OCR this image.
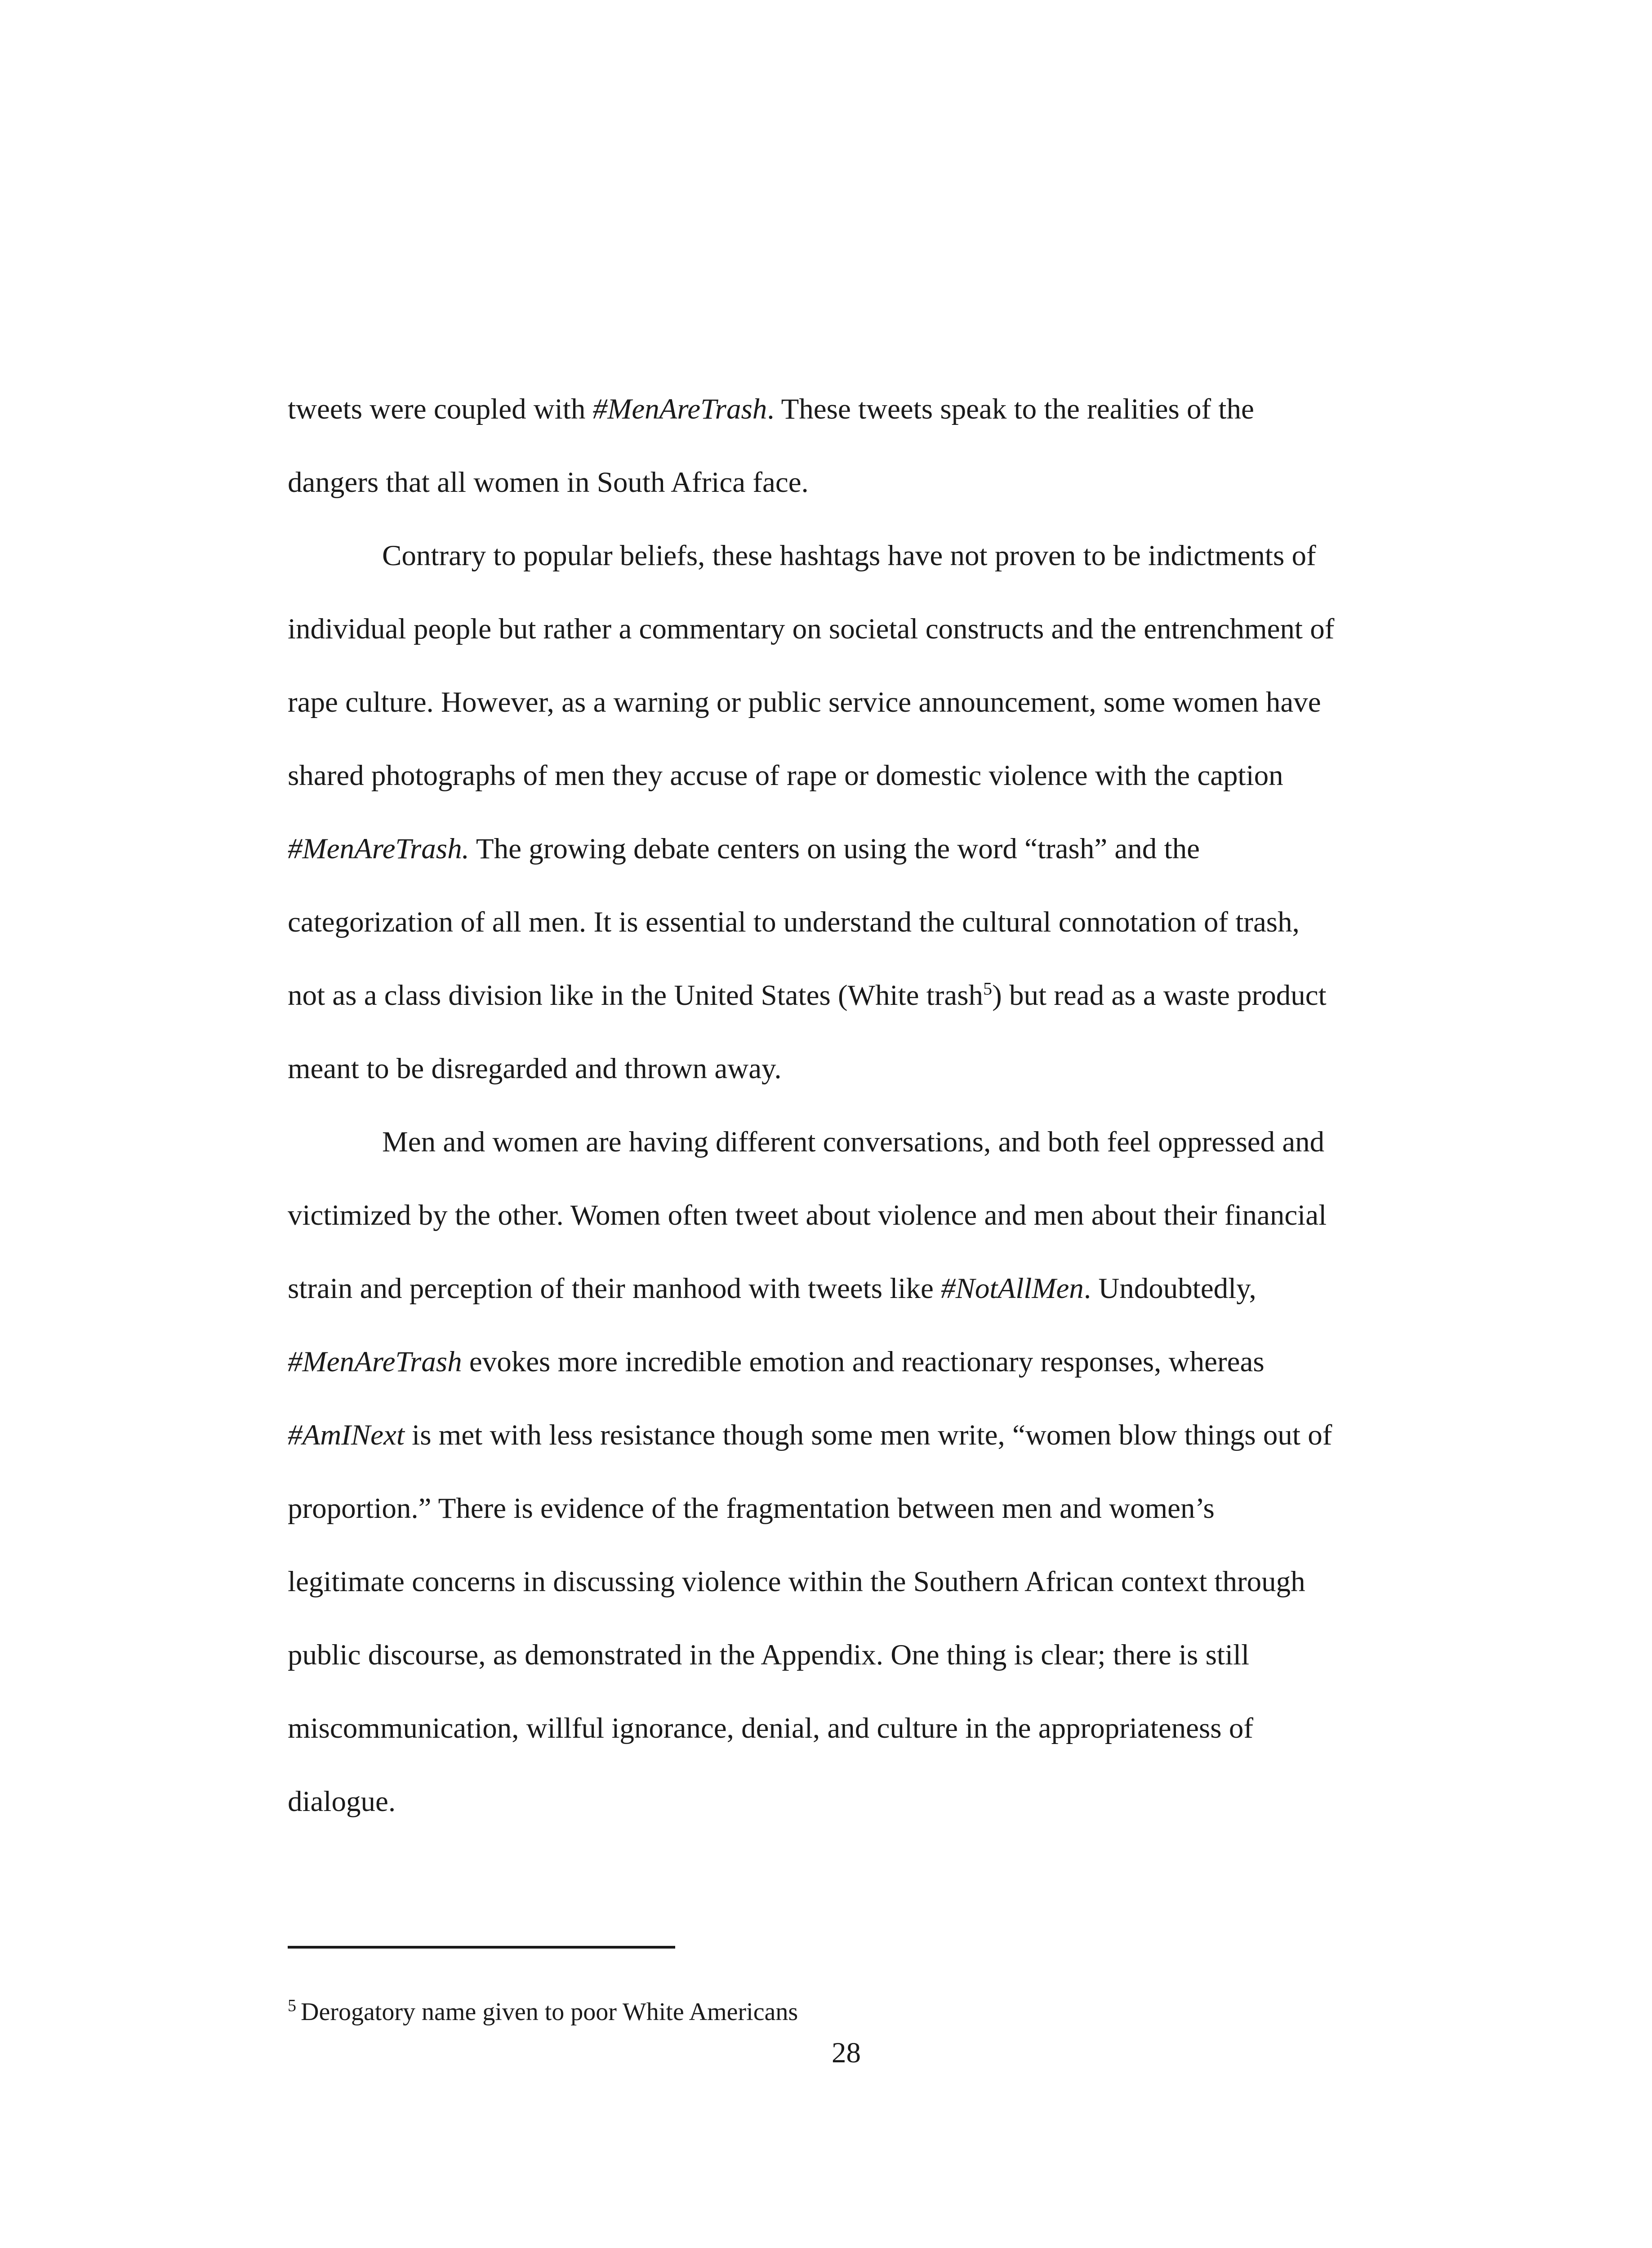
tweets were coupled with #MenAreTrash. These tweets speak to the realities of the
dangers that all women in South Africa face.
Contrary to popular beliefs, these hashtags have not proven to be indictments of
individual people but rather a commentary on societal constructs and the entrenchment of
rape culture. However, as a warning or public service announcement, some women have
shared photographs of men they accuse of rape or domestic violence with the caption
#MenAreTrash. The growing debate centers on using the word “trash” and the
categorization of all men. It is essential to understand the cultural connotation of trash,
not as a class division like in the United States (White trash$^5$) but read as a waste product
meant to be disregarded and thrown away.
Men and women are having different conversations, and both feel oppressed and
victimized by the other. Women often tweet about violence and men about their financial
strain and perception of their manhood with tweets like #NotAllMen. Undoubtedly,
#MenAreTrash evokes more incredible emotion and reactionary responses, whereas
#AmINext is met with less resistance though some men write, “women blow things out of
proportion.” There is evidence of the fragmentation between men and women’s
legitimate concerns in discussing violence within the Southern African context through
public discourse, as demonstrated in the Appendix. One thing is clear; there is still
miscommunication, willful ignorance, denial, and culture in the appropriateness of
dialogue.
$^5$ Derogatory name given to poor White Americans
28
